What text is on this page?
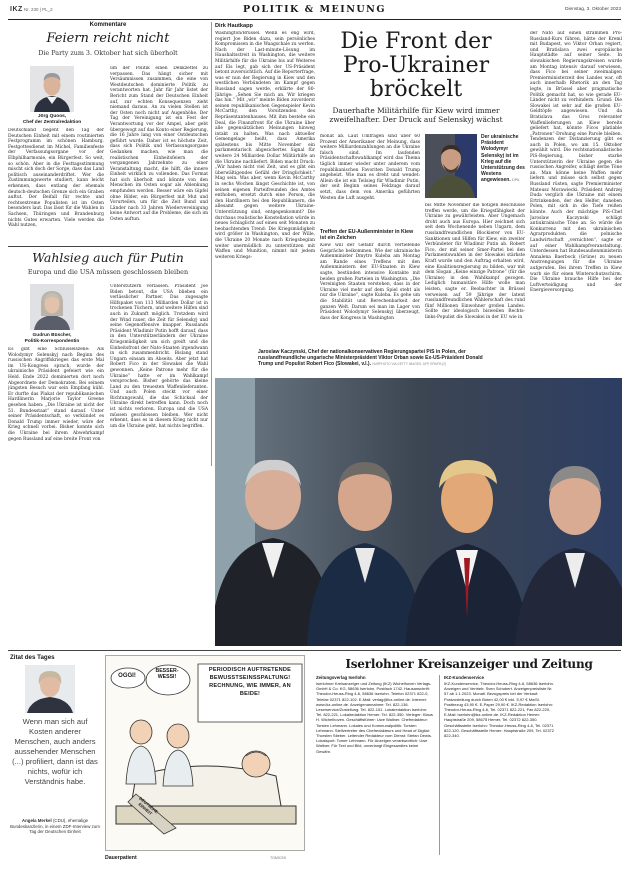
IKZ Nr. 230 | PL_2	POLITIK & MEINUNG	Dienstag, 3. Oktober 2023
Kommentare
Feiern reicht nicht
Die Party zum 3. Oktober hat sich überholt
Jörg Quoos,
Chef der Zentralredaktion
Deutschland begeht den Tag der Deutschen Einheit mit einem routinierten Festprogramm im schönen Hamburg. Festgottesdienst im Michel, Familienfeste der Verfassungsorgane vor der Elbphilharmonie, ein Bürgerfest. So weit, so schön. Aber in die Festtagsstimmung mischt sich doch der Sorge, dass das Land politisch auseinanderdriftet. Wer die Zustimmungswerte studiert, kann leicht erkennen, dass entlang der ehemals deutsch-deutschen Grenze sich ein Graben auftut. Der Beifall für rechte und rechtsextreme Populisten ist im Osten besonders laut. Das lässt für die Wahlen in Sachsen, Thüringen und Brandenburg nichts Gutes erwarten. Viele werden die Wahl nutzen,
um der Politik einen Denkzettel zu verpassen. Das hängt sicher mit Versäumnissen zusammen, die eine von Westdeutschen dominierte Politik zu verantworten hat. Jahr für Jahr listet der Bericht zum Stand der Deutschen Einheit auf, zur echten Konsequenzen zieht niemand daraus. An zu vielen Stellen ist der Osten noch nicht auf Augenhöhe. Der Tag der Vereinigung ist ein Fest der Verantwortung vor der Ampel, aber gebt übergewogt auf das Konto einer Regierung, die 16 Jahre lang von einer Ostdeutschen geführt wurde. Daher ist es höchste Zeit, dass sich Politik und Verfassungsorgane Gedanken machen, wie man die realistischen Einheitsfeiern der vergangenen Jahrzehnte zu einer Veranstaltung macht, die hilft, die innere Einheit wirklich zu vollenden. Das Format hat sich überholt und könnte von den Menschen im Osten sogar als Ablenkung empfunden werden. Besser wäre ein Gipfel ohne Bilder, ein Bürgerfest mit Mut und Vorurteilen, um für die Zeit Bund und Länder nach 33 Jahren Wiedervereinigung keine Antwort auf die Probleme, die sich im Osten auftun.
Wahlsieg auch für Putin
Europa und die USA müssen geschlossen bleiben
Gudrun Büscher,
Politik-Korrespondentin
Es gibt eine Schlüsselszene: Als Wolodymyr Selenskyj nach Beginn des russischen Angriffskrieges das erste Mal im US-Kongress sprach, wurde der ukrainische Präsident gefeiert wie ein Held. Ende 2022 dominierten dort noch Abgeordnete der Demokraten. Bei seinem jüngsten Besuch war sein Empfang kühl. Er durfte das Plakat der republikanischen Hardlinerin Marjorie Taylor Greene gesehen haben: „Die Ukraine ist nicht der 51. Bundesstaat“ stand darauf. Unter seiner Präsidentschaft, so verkündet es Donald Trump immer wieder, wäre der Krieg schnell vorbei. Bisher konnte sich die Ukraine bei ihrem Abwehrkampf gegen Russland auf eine breite Front von
Unterstützern verlassen. Präsident Joe Biden betont, die USA blieben ein verlässlicher Partner. Das zugesagte Hilfspaket von 113 Milliarden Dollar ist in trockenen Tüchern, und weitere Hilfen sind auch in Zukunft möglich. Trotzdem wird der Wind rauer, die Zeit für Selenskyj und seine Gegenoffensive knapper. Russlands Präsident Wladimir Putin hofft darauf, dass in den Unterstützerländern der Ukraine Kriegsmüdigkeit um sich greift und die Einheitsfront der Nato-Staaten irgendwann in sich zusammenbricht. Bislang stand Ungarn einsam im Abseits. Aber jetzt hat Robert Fico in der Slowakei die Wahl gewonnen. „Keine Patrone mehr für die Ukraine“ hatte er im Wahlkampf versprochen. Bisher gehörte das kleine Land zu den treuesten Waffenlieferanten. Und auch Polen steckt vor einer Richtungswahl, die das Schicksal der Ukraine direkt betreffen kann. Doch noch ist nichts verloren. Europa und die USA müssen geschlossen bleiben. Wer nicht erkennt, dass es in diesem Krieg nicht nur um die Ukraine geht, hat nichts begriffen.
Dirk Hautkapp
Die Front der Pro-Ukrainer bröckelt
Dauerhafte Militärhilfe für Kiew wird immer zweifelhafter. Der Druck auf Selenskyj wächst
Washington/Brüssel. Wenn es eng wird, regiert Joe Biden dazu, sein persönliches Kompromissen in die Waagschale zu werfen. Nach der Last-minute-Lösung im Haushaltsstreit in Washington, die weitere Militärhilfe für die Ukraine bis auf Weiteres auf Eis legt, gab sich der US-Präsident betont zuversichtlich. Auf die Reporterfrage, was er nun der Regierung in Kiew und den westlichen Verbündeten im Kampf gegen Russland sagen werde, erklärte der 80-Jährige: „Sehen Sie mich an. Wir kriegen das hin.“ Mit „wir“ meinte Biden zuvorderst seinen republikanischen Gegenspieler Kevin McCarthy, den Vorsitzenden des Repräsentantenhauses. Mit ihm bestehe ein Deal, die Finanzfront für die Ukraine über alle gegensätzlichen Meinungen hinweg intakt zu halten. Was nach aktueller Gemengelage heißt, dass Amerika spätestens bis Mitte November ein parlamentarisch abgesichertes Signal für weitere 24 Milliarden Dollar Militärhilfe an die Ukraine nachliefert. Biden macht Druck: „Wir haben nicht viel Zeit, und es gibt ein überwältigendes Gefühl der Dringlichkeit.“ Mag sein. Was aber, wenn Kevin McCarthy in sechs Wochen längst Geschichte ist, von seinen eigenen Parteifreunden des Amtes enthoben, ersetzt durch eine Person, die den Hardlinern bei den Republikanern, die allesamt gegen weitere Ukraine-Unterstützung sind, entgegenkommt? Die durchaus realistische Konstellation würde in neues Schlaglicht auf einen seit Monaten zu beobachtenden Trend: Die Kriegsmüdigkeit wird größer in Washington, und der Wille, die Ukraine 20 Monate nach Kriegsbeginn weiter unermüdlich zu unterstützen mit Waffen und Munition, nimmt mit jedem weiteren Kriegs-
monat ab. Laut Umfragen sind über 60 Prozent der Amerikaner der Meinung, dass weitere Milliardenzahlungen an die Ukraine falsch sind. Im laufenden Präsidentschaftswahlkampf wird das Thema täglich immer wieder unter anderem vom republikanischen Favoriten Donald Trump angeheizt. Wie man es dreht und wendet: Allein die ist ein Teilsieg für Wladimir Putin, der seit Beginn seines Feldzugs darauf setzt, dass dem von Amerika geführten Westen die Luft ausgeht.
Treffen der EU-Außenminister in Kiew ist ein Zeichen
Kiew will der Gefahr durch vertiefende Gespräche beikommen. Wie der ukrainische Außenminister Dmytro Kuleba am Montag am Rande eines Treffens mit den Außenministern der EU-Staaten in Kiew sagte, bestünden intensive Kontakte mit beiden großen Parteien in Washington. „Die Vereinigten Staaten verstehen, dass in der Ukraine viel mehr auf dem Spiel steht als nur die Ukraine“, sagte Kuleba. Es gehe um die Stabilität und Berechenbarkeit der ganzen Welt. Darum sei man im Lager von Präsident Wolodymyr Selenskyj überzeugt, dass der Kongress in Washington
Der ukrainische Präsident Wolodymyr Selenskyj ist im Krieg auf die Unterstützung des Westens angewiesen. DPA
bis Mitte November die nötigen Beschlüsse treffen werde, um die Kriegsfähigkeit der Ukraine zu gewährleisten. Aber Ungemach droht auch aus Europa. Hier zeichnet sich seit dem Wochenende neben Ungarn, dem russlandfreundlichen Blockierer von EU-Sanktionen und Hilfen für Kiew, ein zweiter Verbündeter für Wladimir Putin ab. Robert Fico, der mit seiner Smer-Partei bei den Parlamentswahlen in der Slowakei stärkste Kraft wurde und den Auftrag erhalten wird, eine Koalitionsregierung zu bilden, war mit dem Slogan „Keine einzige Patrone“ (für die Ukraine) in den Wahlkampf gezogen. Lediglich humanitäre Hilfe wolle man leisten, sagte er. Beobachter in Brüssel verweisen auf 59 Jährige der latent russlandfreundlichen Wählerschaft des rund fünf Millionen Einwohner großen Landes. Sollte der ideologisch bisweilen Rechts-links-Populist die Slowakei in der EU wie in
der Nato auf einen strammen Pro-Russland-Kurs führen, hätte der Kreml mit Budapest, wo Viktor Orban regiert, und Bratislava zwei europäische Hauptstädte auf seiner Seite. In slowakischen Regierungskreisen wurde am Montag intensiv darauf verwiesen, dass Fico bei seiner zweimaligen Premierministerzeit des Landes war, oft auch innerhalb Rhetorik an den Tag legte, in Brüssel aber pragmatische Politik gemacht hat, so wie gerade EU-Länder nicht zu verhindern. Grund: Die Slowakei ist sehr auf die großen EU-Geldtöpfe angewiesen. Und da Bratislava das Gros relevanter Waffenlieferungen an Kiew bereits geliefert hat, könnte Ficos platiable „Patronen“-Drohung eine Parole bleiben. Tendenzen der Distanzierung gibt es auch in Polen, wo am 15. Oktober gewählt wird. Die rechtsnationalistische PiS-Regierung, bisher starke Unterstützerin der Ukraine gegen die russischen Angreifer, schlägt derbe Töne an. Man könne keine Waffen mehr liefern und müsse sich selbst gegen Russland rüsten, sagte Premierminister Mateusz Morawiecki. Präsident Andrzej Duda verglich die Ukraine mit einem Ertrinkenden, der den Helfer, daneben Polen, mit sich in die Tiefe reißen könnte. Auch der mächtige PiS-Chef Jaroslaw Kaczynski schlägt antiukrainische Töne an. So würde die Konkurrenz mit den ukrainischen Agrarprodukten die polnische Landwirtschaft „vernichten“, sagte er auf einer Wahlkampfveranstaltung. Unterdessen hat Bundesaußenministerin Annalena Baerbock (Grüne) zu neuen Anstrengungen für die Ukraine aufgerufen. Bei ihrem Treffen in Kiew warb sie für einen Winterschutzschirm. Die Ukraine brauche Hilfe bei der Luftverteidigung und der Energieversorgung.
Jaroslaw Kaczynski, Chef der nationalkonservativen Regierungspartei PiS in Polen, der russlandfreundliche ungarische Ministerpräsident Viktor Orban sowie Ex-US-Präsident Donald Trump und Populist Robert Fico (Slowakei, v.l.). NURPHOTO VIA GETTY IMAGES, AFP, EPA/PA (2)
Zitat des Tages
Wenn man sich auf Kosten anderer Menschen, auch anders aussehender Menschen (...) profiliert, dann ist das nichts, wofür ich Verständnis habe.
Angela Merkel (CDU), ehemalige Bundeskanzlerin, in einem ZDF-Interview zum Tag der Deutschen Einheit
OGGI!
BESSER-WESSI!
PERIODISCH AUFTRETENDE BEWUSSTSEINSSPALTUNG! RECHNUNG, WIE IMMER, AN BEIDE!
DEUTSCHE EINHEIT
Dauerpatient	TOMICEK
Iserlohner Kreisanzeiger und Zeitung
Zeitungsverlag Iserlohn
Iserlohner Kreisanzeiger und Zeitung (IKZ) Wichelhoven Verlags-GmbH & Co. KG, 58636 Iserlohn, Postfach 1742. Hausanschrift: Theodor-Heuss-Ring 4-6, 58636 Iserlohn. Telefon 02371 822-0, Telefax 02371 822-102. E-Mail: verlag@ikz-online.de. Internet: www.ikz-online.de. Anzeigenannahme: Tel. 822-136. Leserservice/Zustellung: Tel. 822-151. Lokalredaktion Iserlohn: Tel. 822-221. Lokalredaktion Hemer: Tel. 822-350. Verleger: Klaus H. Wichelhoven. Geschäftsführer: Uwe Wallner. Chefredakteur: Torsten Lehmann. Lokales und Kommunalpolitik: Torsten Lehmann. Stellvertreter des Chefredakteurs und Head of Digital: Thorsten Stieber. Leitender Redakteur vom Dienst: Stefan Dewis. Lokalsport: Tomer Lehmann. Für Anzeigen verantwortlich: Uwe Wallner. Für Text und Bild, unverlangt Eingesandtes keine Gewähr.
IKZ-Kundenservice
IKZ-Kundenservice, Theodor-Heuss-Ring 4-6, 58636 Iserlohn. Anzeigen und Vertrieb: Sven Schubert. Anzeigenpreisliste Nr. 57 ab 1.1.2023. Monatl. Bezugspreis bei der Verkauf: Postzustellung durch Boten 42,00 € inkl. 5,97 € MwSt. Postbezug 43,90 €. E-Paper 29,90 €. IKZ-Redaktion Iserlohn: Theodor-Heuss-Ring 4-6, Tel. 02371 822-221, Fax 822-220, E-Mail: iserlohn@ikz-online.de. IKZ-Redaktion Hemer: Hauptstraße 209, 58675 Hemer, Tel. 02372 822-350. Geschäftsstelle Iserlohn: Theodor-Heuss-Ring 4-6, Tel. 02371 822-120. Geschäftsstelle Hemer: Hauptstraße 209, Tel. 02372 822-340.
